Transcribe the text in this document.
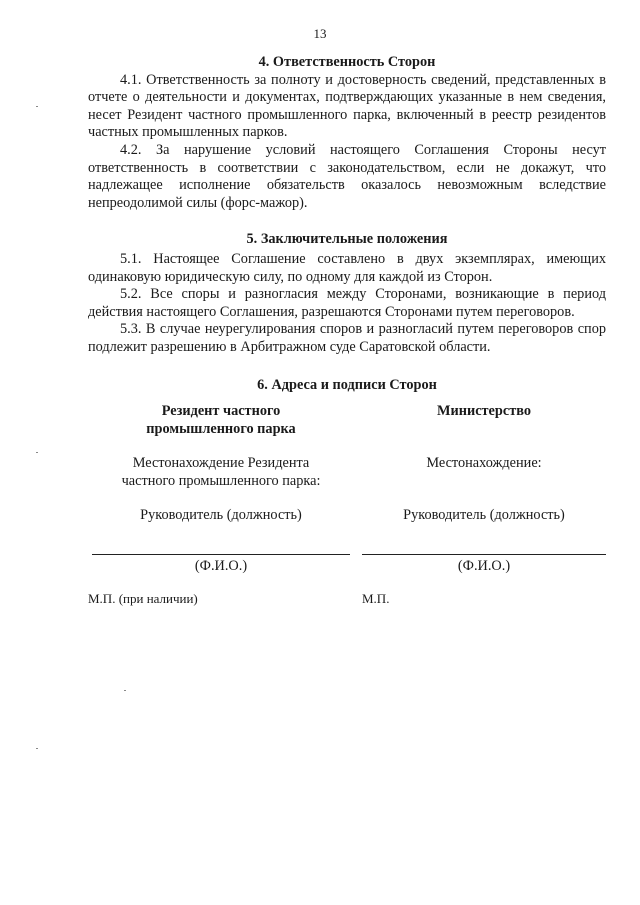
13

4. Ответственность Сторон

4.1. Ответственность за полноту и достоверность сведений, представленных в отчете о деятельности и документах, подтверждающих указанные в нем сведения, несет Резидент частного промышленного парка, включенный в реестр резидентов частных промышленных парков.

4.2. За нарушение условий настоящего Соглашения Стороны несут ответственность в соответствии с законодательством, если не докажут, что надлежащее исполнение обязательств оказалось невозможным вследствие непреодолимой силы (форс-мажор).

5. Заключительные положения

5.1. Настоящее Соглашение составлено в двух экземплярах, имеющих одинаковую юридическую силу, по одному для каждой из Сторон.

5.2. Все споры и разногласия между Сторонами, возникающие в период действия настоящего Соглашения, разрешаются Сторонами путем переговоров.

5.3. В случае неурегулирования споров и разногласий путем переговоров спор подлежит разрешению в Арбитражном суде Саратовской области.

6. Адреса и подписи Сторон

Резидент частного
промышленного парка
Местонахождение Резидента
частного промышленного парка:
Руководитель (должность)
(Ф.И.О.)
Министерство
Местонахождение:
Руководитель (должность)
(Ф.И.О.)
М.П. (при наличии)	М.П.
